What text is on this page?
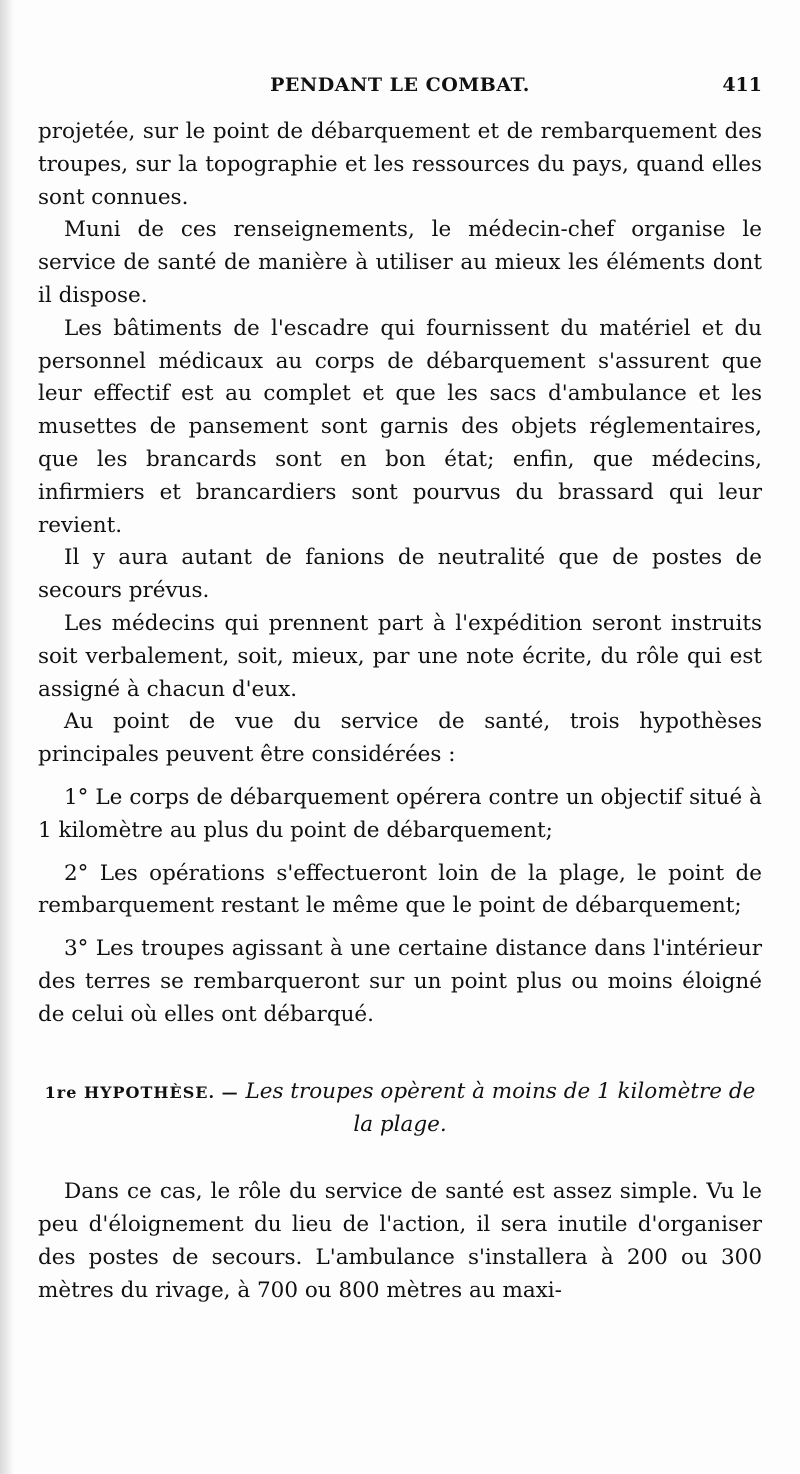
PENDANT LE COMBAT.	411

projetée, sur le point de débarquement et de rembarquement des troupes, sur la topographie et les ressources du pays, quand elles sont connues.

Muni de ces renseignements, le médecin-chef organise le service de santé de manière à utiliser au mieux les éléments dont il dispose.

Les bâtiments de l'escadre qui fournissent du matériel et du personnel médicaux au corps de débarquement s'assurent que leur effectif est au complet et que les sacs d'ambulance et les musettes de pansement sont garnis des objets réglementaires, que les brancards sont en bon état; enfin, que médecins, infirmiers et brancardiers sont pourvus du brassard qui leur revient.

Il y aura autant de fanions de neutralité que de postes de secours prévus.

Les médecins qui prennent part à l'expédition seront instruits soit verbalement, soit, mieux, par une note écrite, du rôle qui est assigné à chacun d'eux.

Au point de vue du service de santé, trois hypothèses principales peuvent être considérées :

1° Le corps de débarquement opérera contre un objectif situé à 1 kilomètre au plus du point de débarquement;

2° Les opérations s'effectueront loin de la plage, le point de rembarquement restant le même que le point de débarquement;

3° Les troupes agissant à une certaine distance dans l'intérieur des terres se rembarqueront sur un point plus ou moins éloigné de celui où elles ont débarqué.

1re HYPOTHÈSE. — Les troupes opèrent à moins de 1 kilomètre de la plage.

Dans ce cas, le rôle du service de santé est assez simple. Vu le peu d'éloignement du lieu de l'action, il sera inutile d'organiser des postes de secours. L'ambulance s'installera à 200 ou 300 mètres du rivage, à 700 ou 800 mètres au maxi-
